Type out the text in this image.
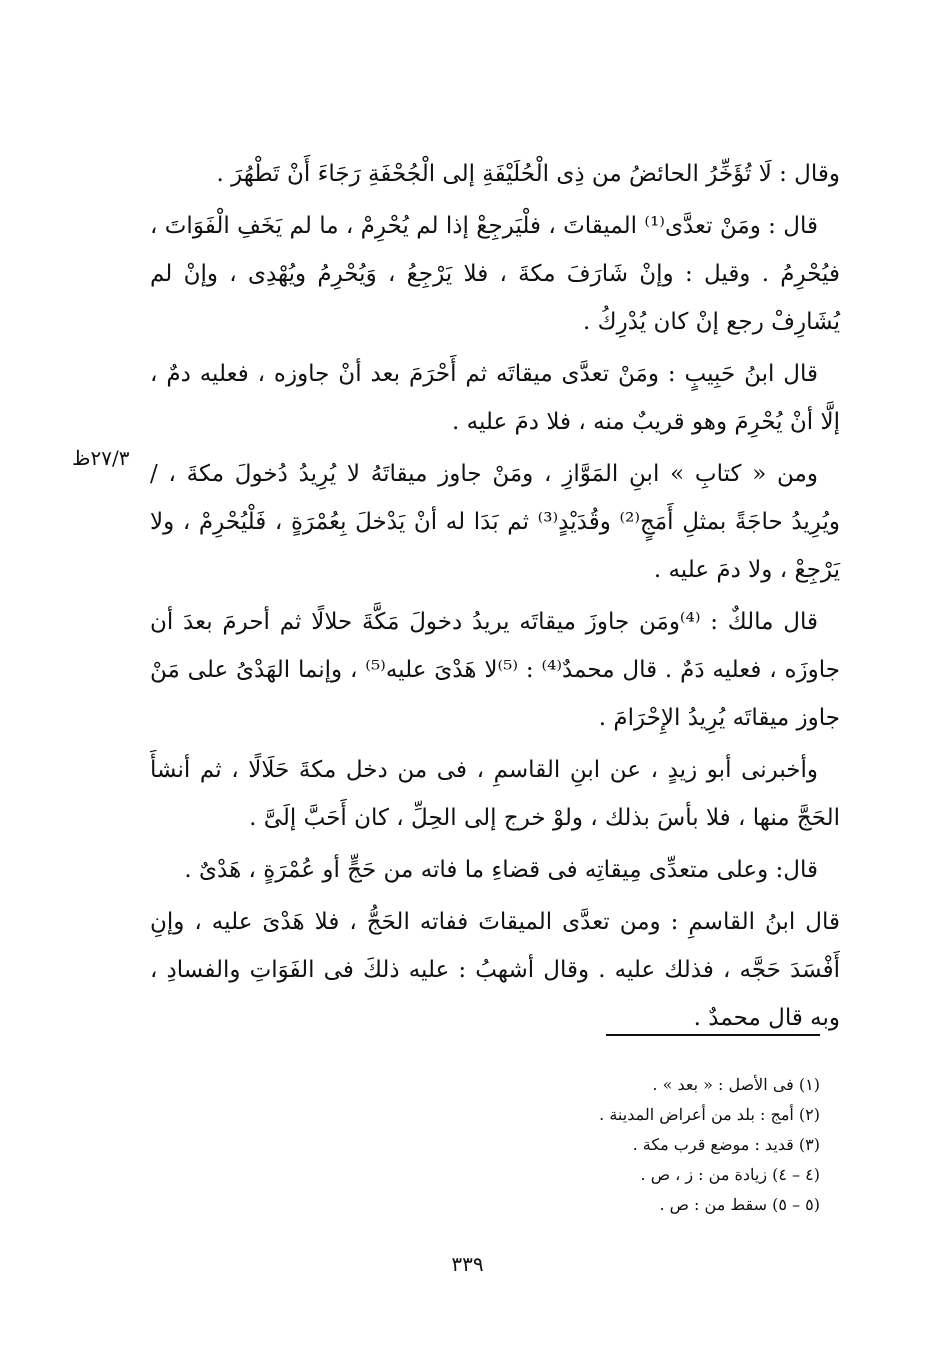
٢٧/٣ظ

وقال : لَا تُؤَخِّرُ الحائضُ من ذِى الْحُلَيْفَةِ إلى الْجُحْفَةِ رَجَاءَ أَنْ تَطْهُرَ .

قال : ومَنْ تعدَّى⁽¹⁾ الميقاتَ ، فلْيَرجِعْ إذا لم يُحْرِمْ ، ما لم يَخَفِ الْفَوَاتَ ، فيُحْرِمُ . وقيل : وإنْ شَارَفَ مكةَ ، فلا يَرْجِعُ ، وَيُحْرِمُ ويُهْدِى ، وإنْ لم يُشَارِفْ رجع إنْ كان يُدْرِكُ .

قال ابنُ حَبِيبٍ : ومَنْ تعدَّى ميقاتَه ثم أَحْرَمَ بعد أنْ جاوزه ، فعليه دمٌ ، إلَّا أنْ يُحْرِمَ وهو قريبٌ منه ، فلا دمَ عليه .

ومن « كتابِ » ابنِ المَوَّازِ ، ومَنْ جاوز ميقاتَهُ لا يُرِيدُ دُخولَ مكةَ ، / ويُرِيدُ حاجَةً بمثلِ أَمَجٍ⁽²⁾ وقُدَيْدٍ⁽³⁾ ثم بَدَا له أنْ يَدْخلَ بِعُمْرَةٍ ، فَلْيُحْرِمْ ، ولا يَرْجِعْ ، ولا دمَ عليه .

قال مالكٌ : ⁽⁴⁾ومَن جاوزَ ميقاتَه يريدُ دخولَ مَكَّةَ حلالًا ثم أحرمَ بعدَ أن جاوزَه ، فعليه دَمٌ . قال محمدٌ⁽⁴⁾ : ⁽⁵⁾لا هَدْىَ عليه⁽⁵⁾ ، وإنما الهَدْىُ على مَنْ جاوز ميقاتَه يُرِيدُ الإِحْرَامَ .

وأخبرنى أبو زيدٍ ، عن ابنِ القاسمِ ، فى من دخل مكةَ حَلَالًا ، ثم أنشأَ الحَجَّ منها ، فلا بأسَ بذلك ، ولوْ خرج إلى الحِلِّ ، كان أَحَبَّ إلَىَّ .

قال: وعلى متعدِّى مِيقاتِه فى قضاءِ ما فاته من حَجٍّ أو عُمْرَةٍ ، هَدْىٌ .

قال ابنُ القاسمِ : ومن تعدَّى الميقاتَ ففاته الحَجُّ ، فلا هَدْىَ عليه ، وإنِ أَفْسَدَ حَجَّه ، فذلك عليه . وقال أشهبُ : عليه ذلكَ فى الفَوَاتِ والفسادِ ، وبه قال محمدٌ .

(١) فى الأصل : « بعد » .

(٢) أمج : بلد من أعراض المدينة .

(٣) قديد : موضع قرب مكة .

(٤ – ٤) زيادة من : ز ، ص .

(٥ – ٥) سقط من : ص .

٣٣٩
